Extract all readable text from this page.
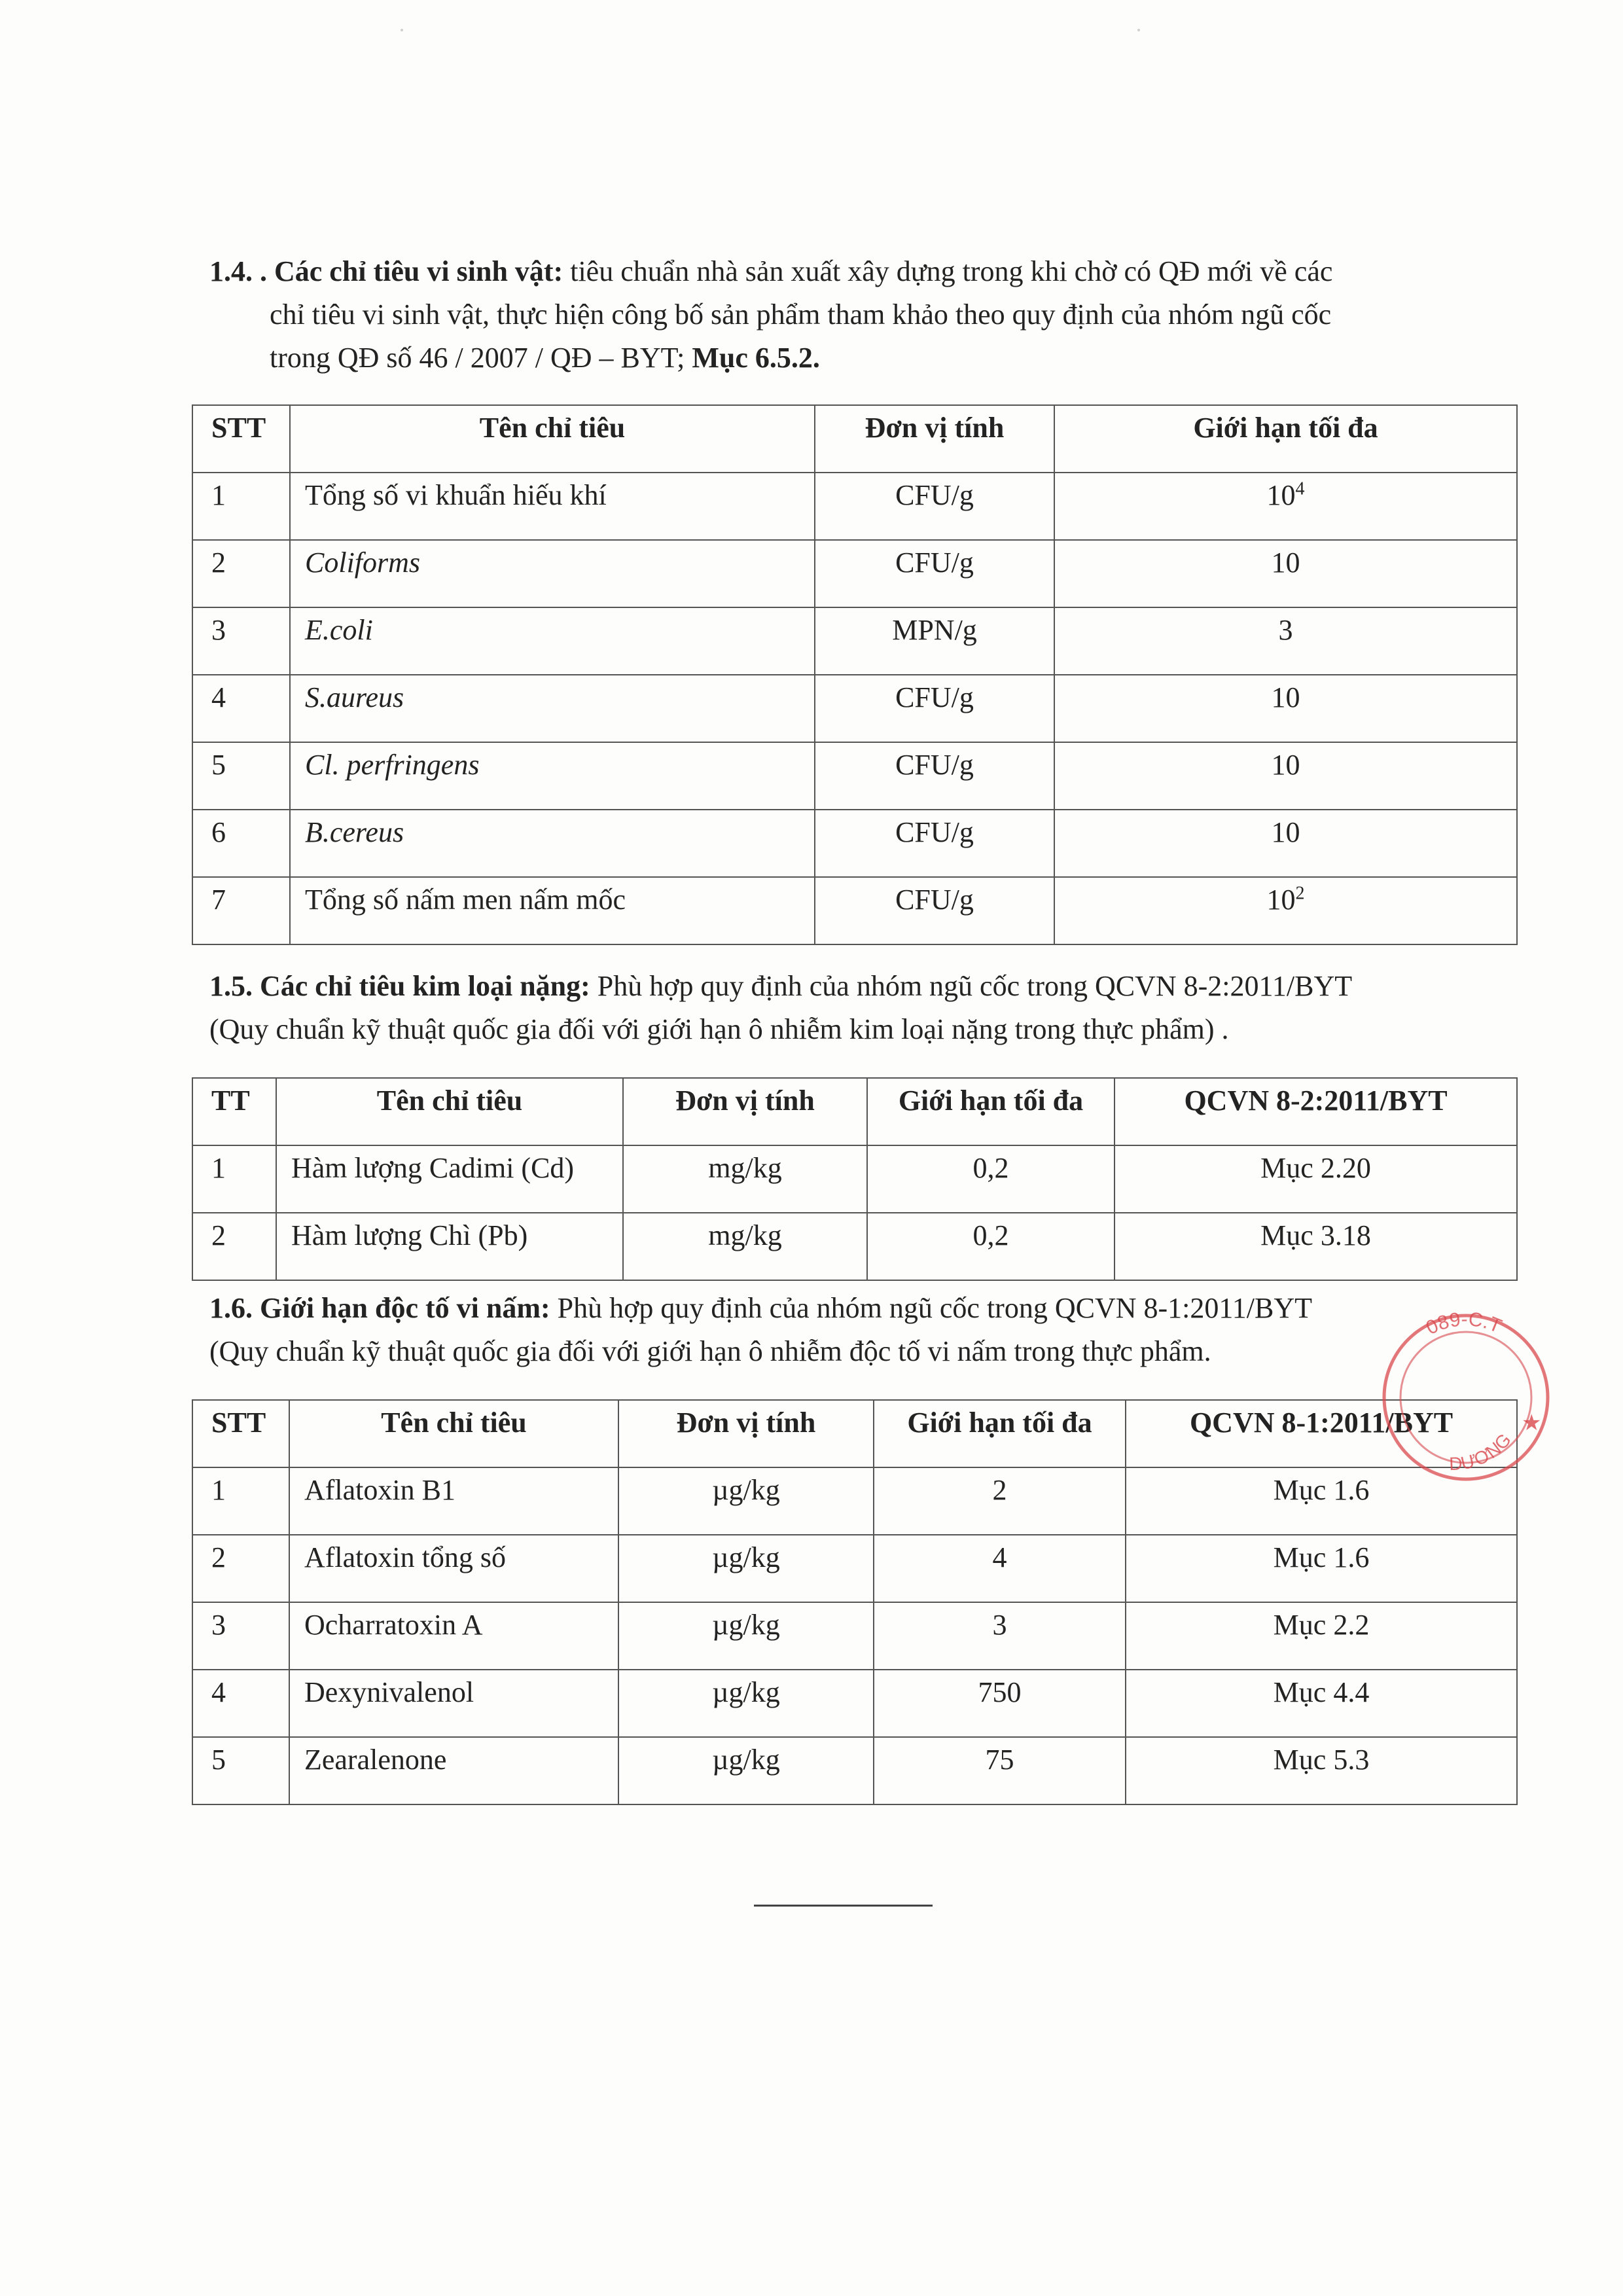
1.4. . Các chỉ tiêu vi sinh vật: tiêu chuẩn nhà sản xuất xây dựng trong khi chờ có QĐ mới về các
chỉ tiêu vi sinh vật, thực hiện công bố sản phẩm tham khảo theo quy định của nhóm ngũ cốc
trong QĐ số 46 / 2007 / QĐ – BYT; Mục 6.5.2.
STT	Tên chỉ tiêu	Đơn vị tính	Giới hạn tối đa
1	Tổng số vi khuẩn hiếu khí	CFU/g	$10^4$
2	Coliforms	CFU/g	10
3	E.coli	MPN/g	3
4	S.aureus	CFU/g	10
5	Cl. perfringens	CFU/g	10
6	B.cereus	CFU/g	10
7	Tổng số nấm men nấm mốc	CFU/g	$10^2$
1.5. Các chỉ tiêu kim loại nặng: Phù hợp quy định của nhóm ngũ cốc trong QCVN 8-2:2011/BYT
(Quy chuẩn kỹ thuật quốc gia đối với giới hạn ô nhiễm kim loại nặng trong thực phẩm) .
TT	Tên chỉ tiêu	Đơn vị tính	Giới hạn tối đa	QCVN 8-2:2011/BYT
1	Hàm lượng Cadimi (Cd)	mg/kg	0,2	Mục 2.20
2	Hàm lượng Chì (Pb)	mg/kg	0,2	Mục 3.18
1.6. Giới hạn độc tố vi nấm: Phù hợp quy định của nhóm ngũ cốc trong QCVN 8-1:2011/BYT
(Quy chuẩn kỹ thuật quốc gia đối với giới hạn ô nhiễm độc tố vi nấm trong thực phẩm.
STT	Tên chỉ tiêu	Đơn vị tính	Giới hạn tối đa	QCVN 8-1:2011/BYT
1	Aflatoxin B1	µg/kg	2	Mục 1.6
2	Aflatoxin tổng số	µg/kg	4	Mục 1.6
3	Ocharratoxin A	µg/kg	3	Mục 2.2
4	Dexynivalenol	µg/kg	750	Mục 4.4
5	Zearalenone	µg/kg	75	Mục 5.3
089-C.T
DƯƠNG
★
